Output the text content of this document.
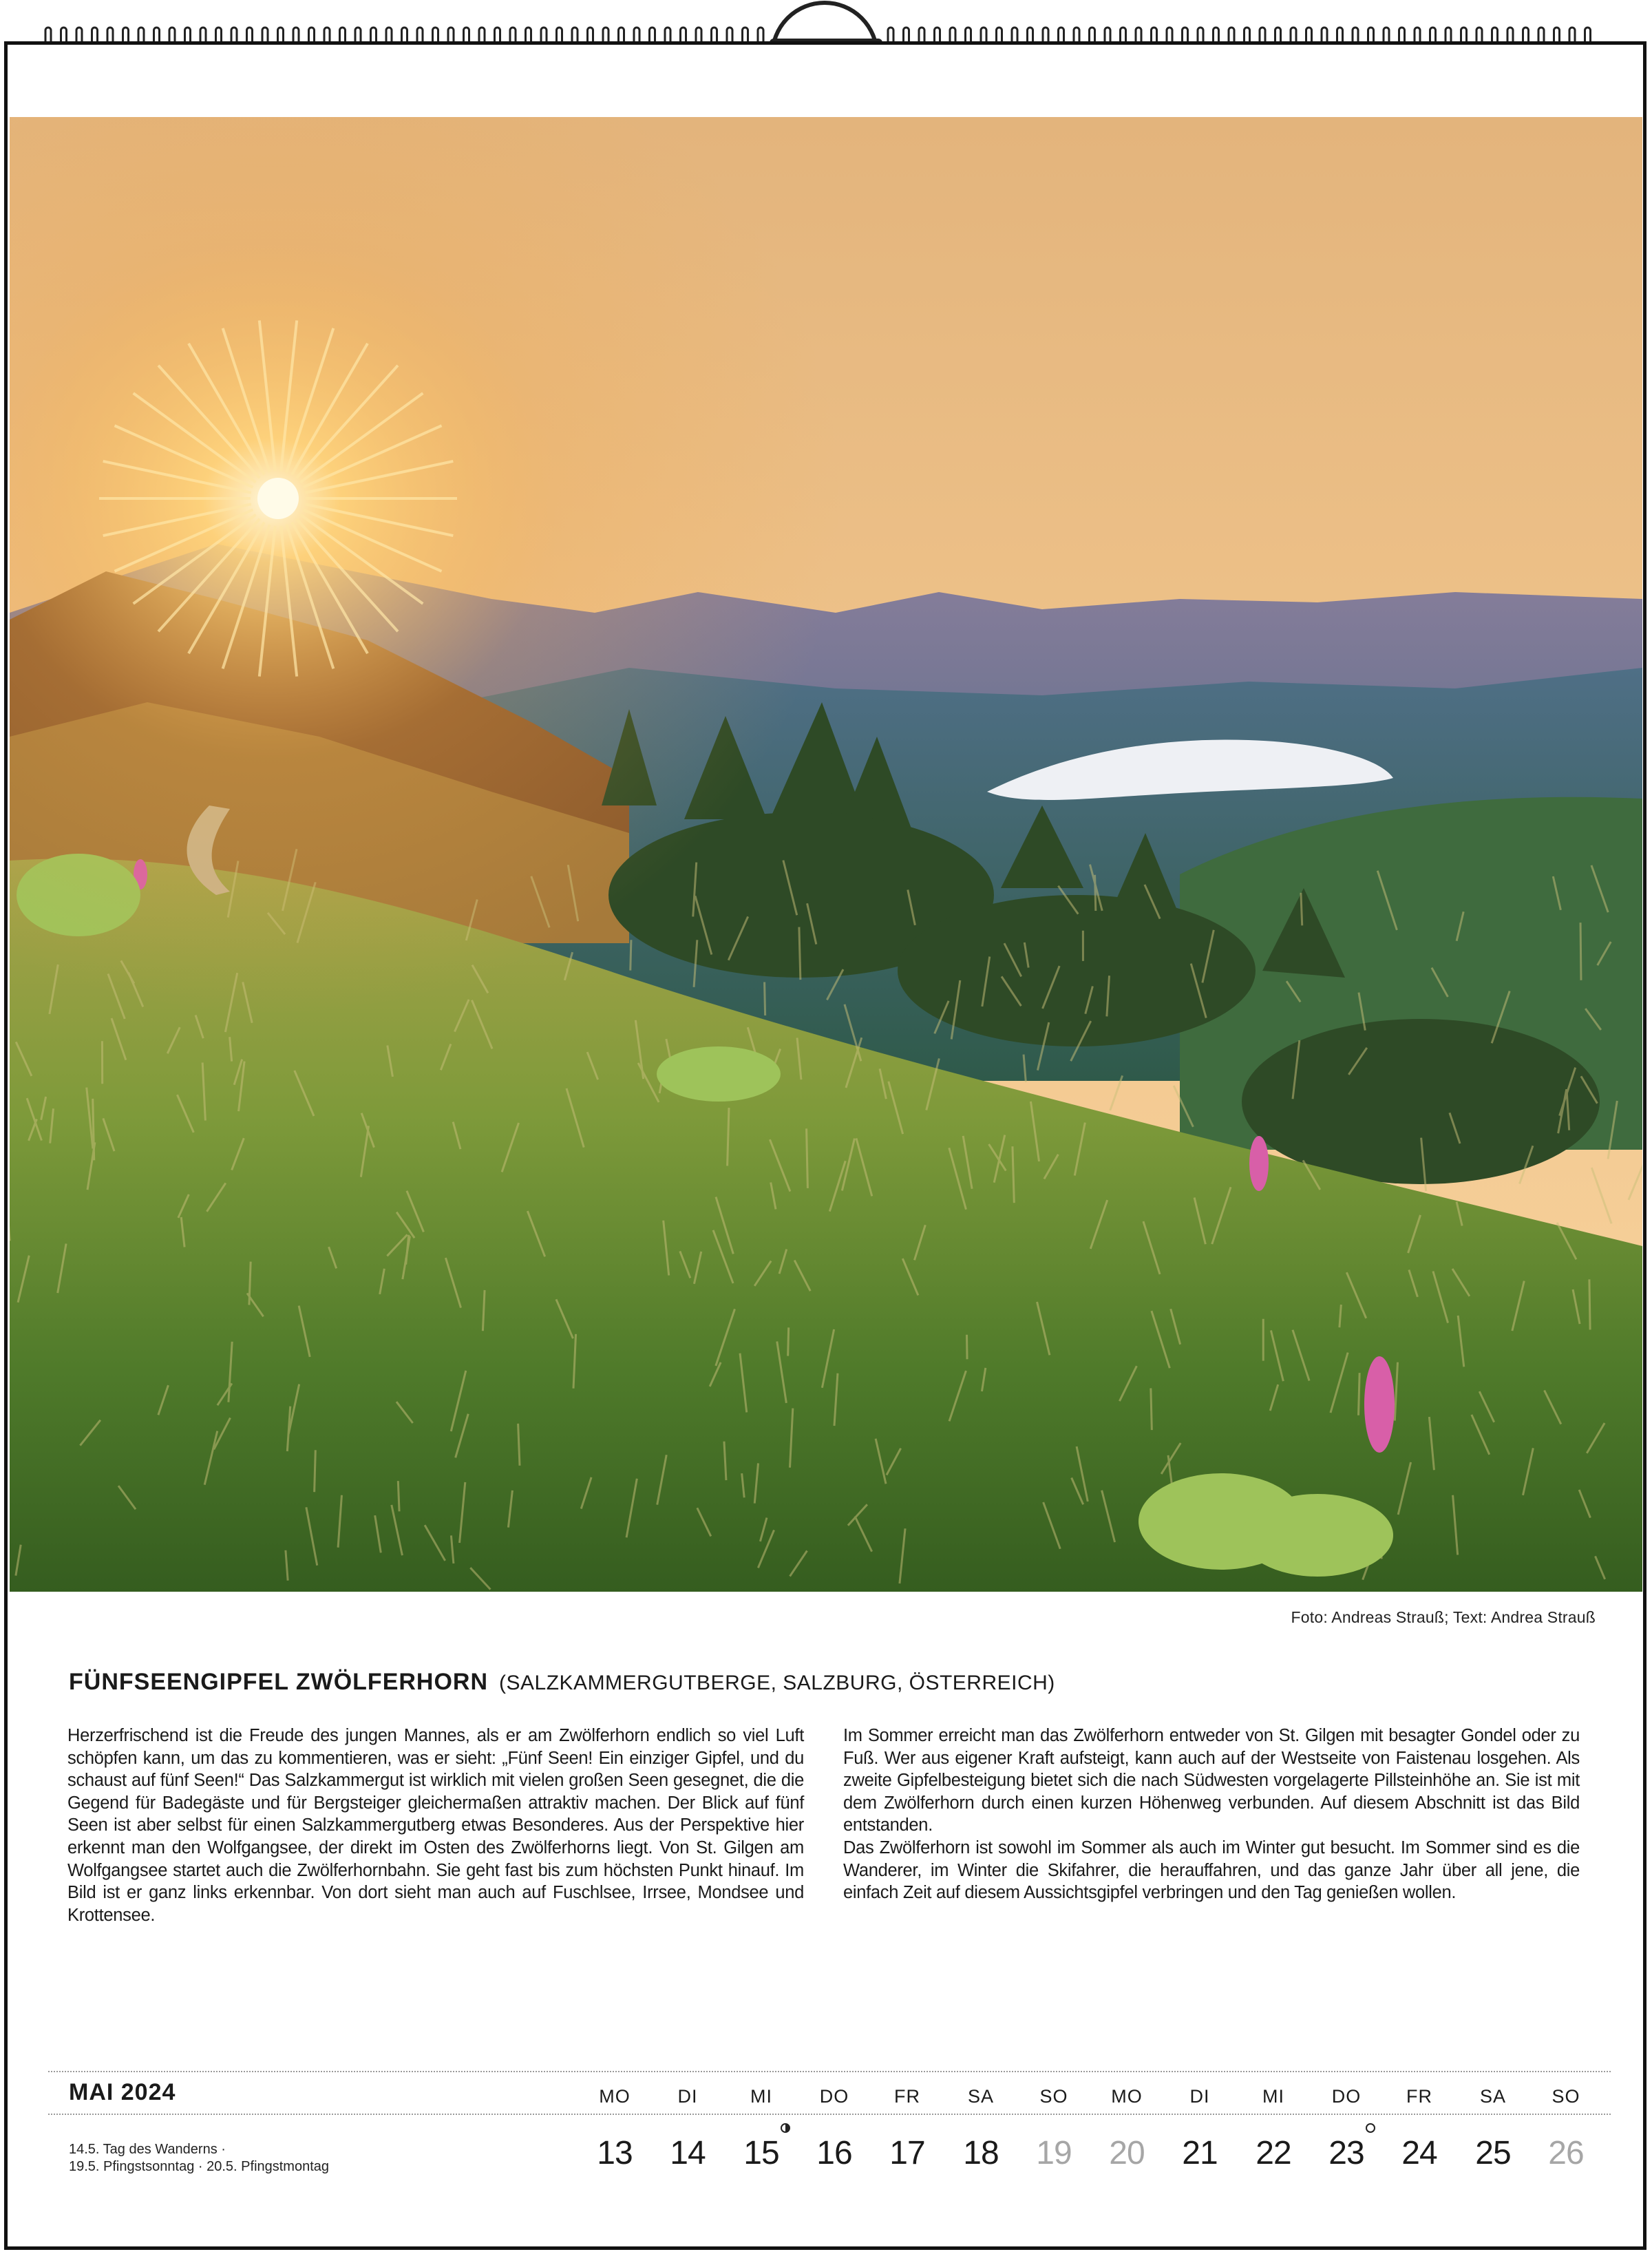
Foto: Andreas Strauß; Text: Andrea Strauß
FÜNFSEENGIPFEL ZWÖLFERHORN (SALZKAMMERGUTBERGE, SALZBURG, ÖSTERREICH)

Herzerfrischend ist die Freude des jungen Mannes, als er am Zwölferhorn endlich so viel Luft schöpfen kann, um das zu kommentieren, was er sieht: „Fünf Seen! Ein einziger Gipfel, und du schaust auf fünf Seen!“ Das Salzkammergut ist wirklich mit vielen großen Seen gesegnet, die die Gegend für Badegäste und für Bergsteiger gleichermaßen attraktiv machen. Der Blick auf fünf Seen ist aber selbst für einen Salzkammergutberg etwas Besonderes. Aus der Perspektive hier erkennt man den Wolfgangsee, der direkt im Osten des Zwölferhorns liegt. Von St. Gilgen am Wolfgangsee startet auch die Zwölferhornbahn. Sie geht fast bis zum höchsten Punkt hinauf. Im Bild ist er ganz links erkennbar. Von dort sieht man auch auf Fuschlsee, Irrsee, Mondsee und Krottensee.

Im Sommer erreicht man das Zwölferhorn entweder von St. Gilgen mit besagter Gondel oder zu Fuß. Wer aus eigener Kraft aufsteigt, kann auch auf der Westseite von Faistenau losgehen. Als zweite Gipfelbesteigung bietet sich die nach Südwesten vorgelagerte Pillsteinhöhe an. Sie ist mit dem Zwölferhorn durch einen kurzen Höhenweg verbunden. Auf diesem Abschnitt ist das Bild entstanden.

Das Zwölferhorn ist sowohl im Sommer als auch im Winter gut besucht. Im Sommer sind es die Wanderer, im Winter die Skifahrer, die herauffahren, und das ganze Jahr über all jene, die einfach Zeit auf diesem Aussichtsgipfel verbringen und den Tag genießen wollen.

MAI 2024
14.5. Tag des Wanderns ·
19.5. Pfingstsonntag · 20.5. Pfingstmontag
MO
13
DI
14
MI
15
DO
16
FR
17
SA
18
SO
19
MO
20
DI
21
MI
22
DO
23
FR
24
SA
25
SO
26
